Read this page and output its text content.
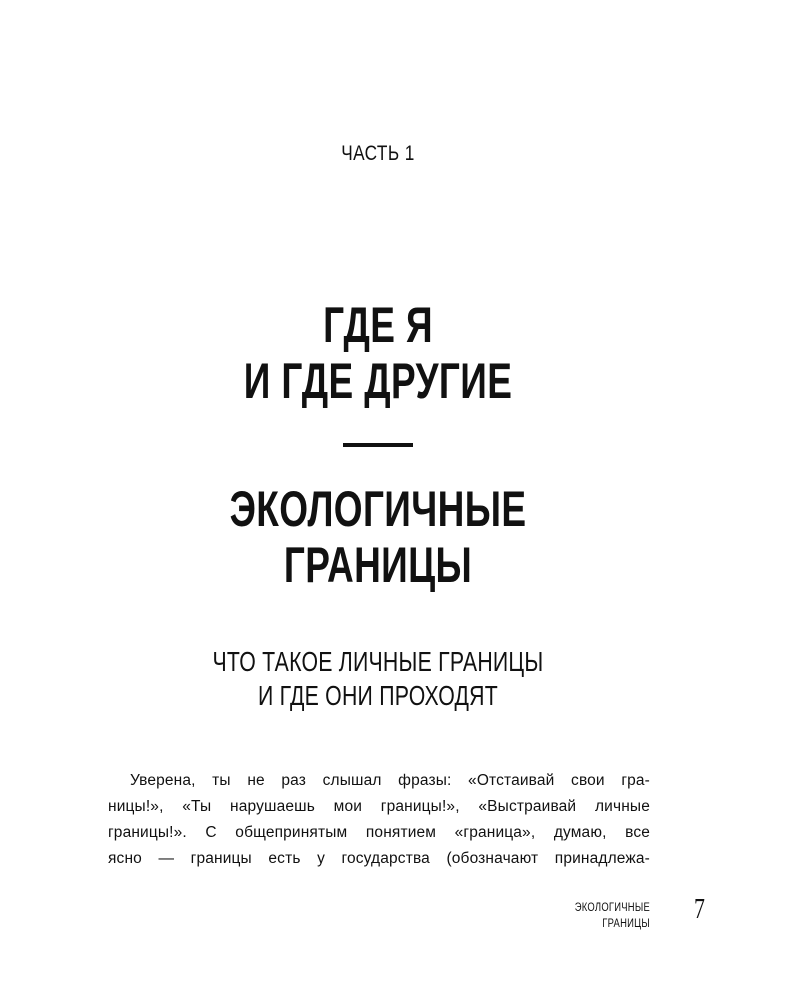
ЧАСТЬ 1
ГДЕ Я
И ГДЕ ДРУГИЕ
ЭКОЛОГИЧНЫЕ
ГРАНИЦЫ
ЧТО ТАКОЕ ЛИЧНЫЕ ГРАНИЦЫ
И ГДЕ ОНИ ПРОХОДЯТ
Уверена, ты не раз слышал фразы: «Отстаивай свои гра-
ницы!», «Ты нарушаешь мои границы!», «Выстраивай личные
границы!». С общепринятым понятием «граница», думаю, все
ясно — границы есть у государства (обозначают принадлежа-
ЭКОЛОГИЧНЫЕ
ГРАНИЦЫ 7
